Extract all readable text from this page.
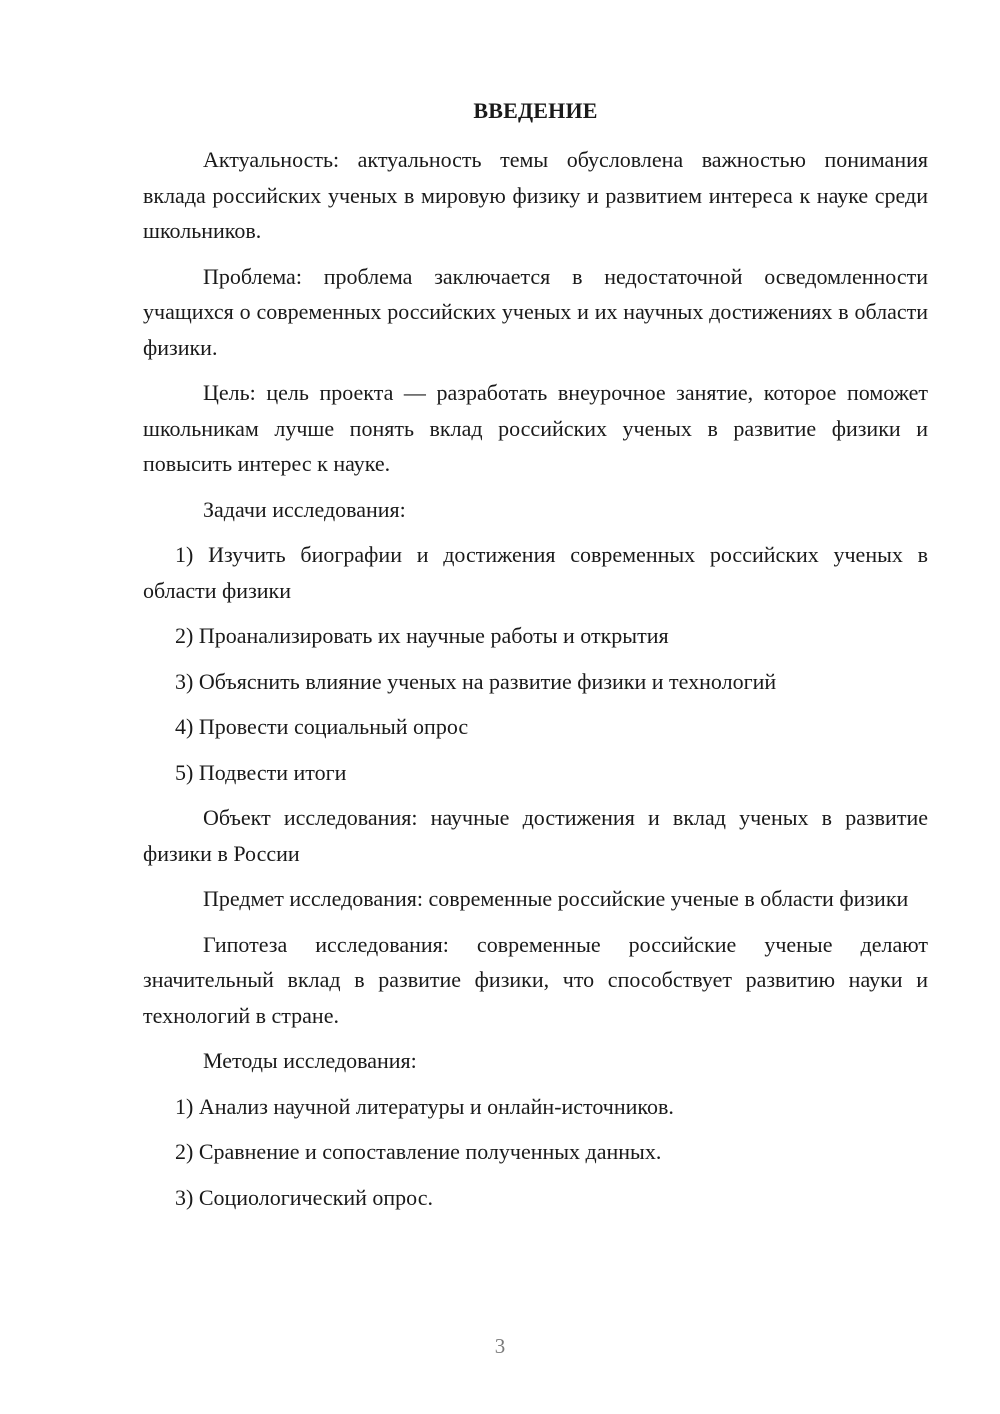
ВВЕДЕНИЕ

Актуальность: актуальность темы обусловлена важностью понимания вклада российских ученых в мировую физику и развитием интереса к науке среди школьников.

Проблема: проблема заключается в недостаточной осведомленности учащихся о современных российских ученых и их научных достижениях в области физики.

Цель: цель проекта — разработать внеурочное занятие, которое поможет школьникам лучше понять вклад российских ученых в развитие физики и повысить интерес к науке.

Задачи исследования:

1) Изучить биографии и достижения современных российских ученых в области физики
2) Проанализировать их научные работы и открытия
3) Объяснить влияние ученых на развитие физики и технологий
4) Провести социальный опрос
5) Подвести итоги

Объект исследования: научные достижения и вклад ученых в развитие физики в России

Предмет исследования: современные российские ученые в области физики

Гипотеза исследования: современные российские ученые делают значительный вклад в развитие физики, что способствует развитию науки и технологий в стране.

Методы исследования:

1) Анализ научной литературы и онлайн-источников.
2) Сравнение и сопоставление полученных данных.
3) Социологический опрос.
3
